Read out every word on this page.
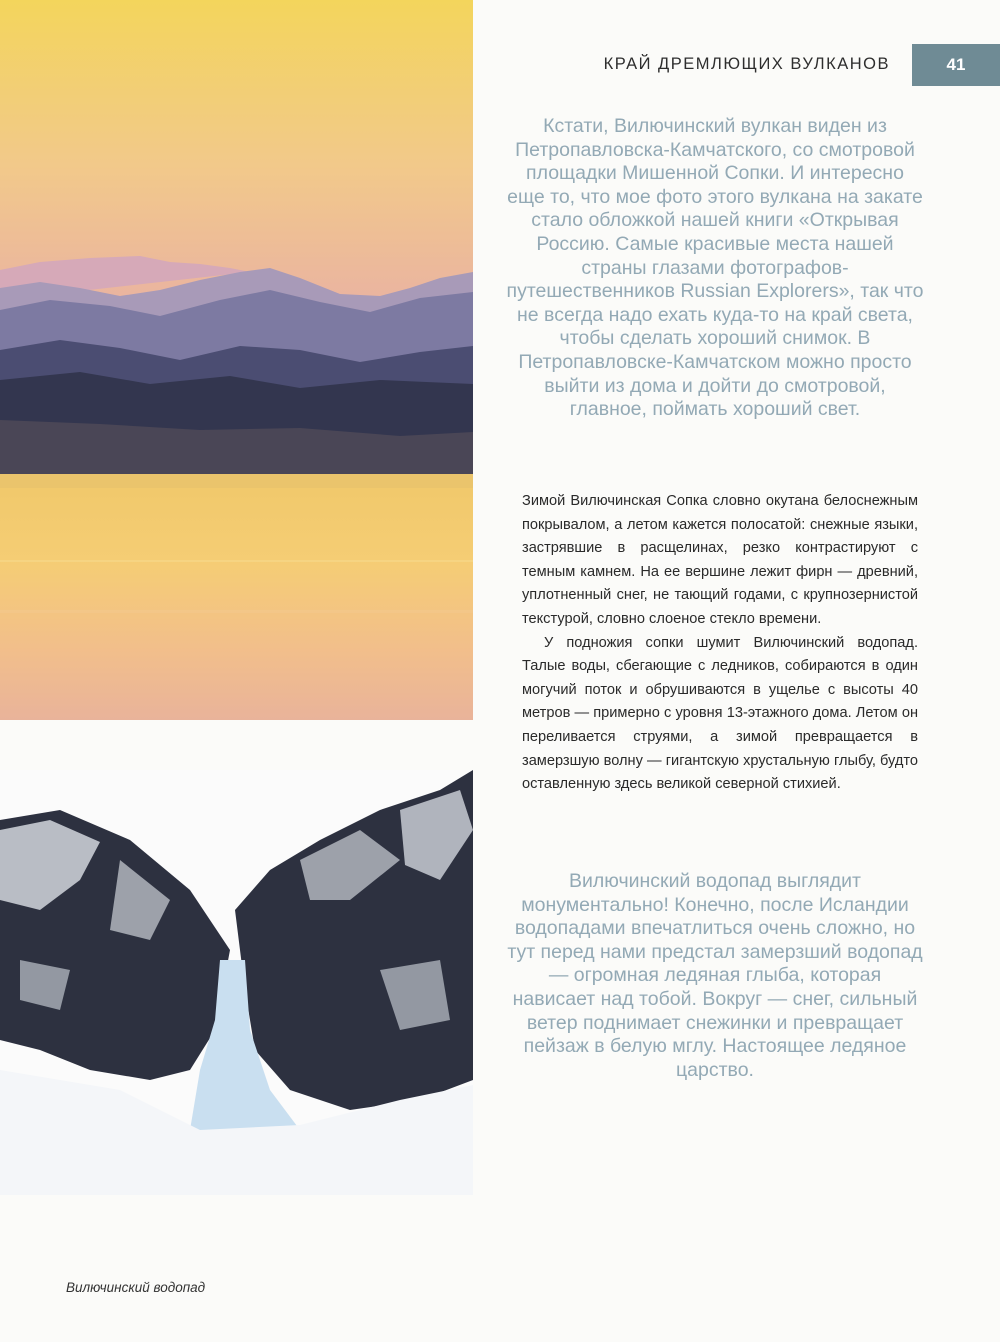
КРАЙ ДРЕМЛЮЩИХ ВУЛКАНОВ	41

Кстати, Вилючинский вулкан виден из Петропавловска-Камчатского, со смотровой площадки Мишенной Сопки. И интересно еще то, что мое фото этого вулкана на закате стало обложкой нашей книги «Открывая Россию. Самые красивые места нашей страны глазами фотографов-путешественников Russian Explorers», так что не всегда надо ехать куда-то на край света, чтобы сделать хороший снимок. В Петропавловске-Камчатском можно просто выйти из дома и дойти до смотровой, главное, поймать хороший свет.

Зимой Вилючинская Сопка словно окутана белоснежным покрывалом, а летом кажется полосатой: снежные языки, застрявшие в расщелинах, резко контрастируют с темным камнем. На ее вершине лежит фирн — древний, уплотненный снег, не тающий годами, с крупнозернистой текстурой, словно слоеное стекло времени.

У подножия сопки шумит Вилючинский водопад. Талые воды, сбегающие с ледников, собираются в один могучий поток и обрушиваются в ущелье с высоты 40 метров — примерно с уровня 13-этажного дома. Летом он переливается струями, а зимой превращается в замерзшую волну — гигантскую хрустальную глыбу, будто оставленную здесь великой северной стихией.

Вилючинский водопад выглядит монументально! Конечно, после Исландии водопадами впечатлиться очень сложно, но тут перед нами предстал замерзший водопад — огромная ледяная глыба, которая нависает над тобой. Вокруг — снег, сильный ветер поднимает снежинки и превращает пейзаж в белую мглу. Настоящее ледяное царство.

Вилючинский водопад
